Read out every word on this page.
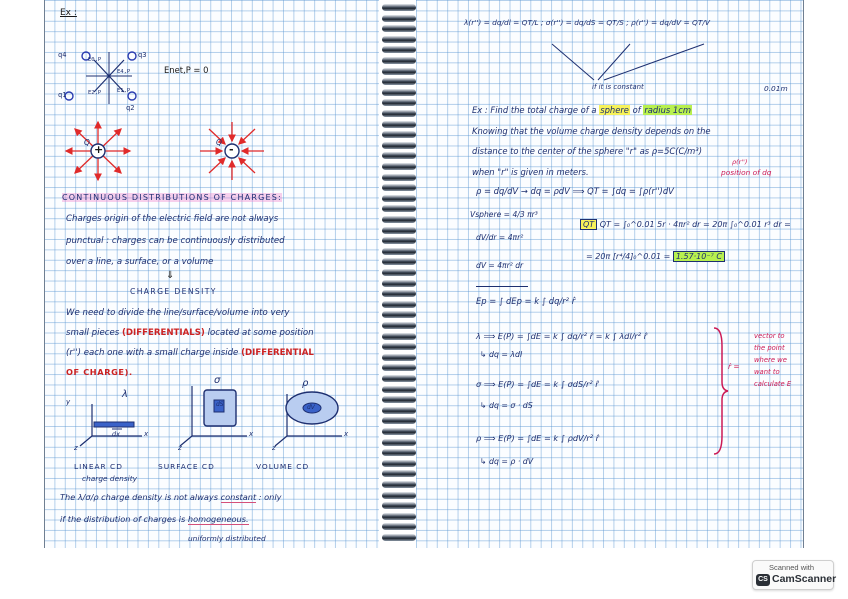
Ex :
q4	q3
q1
q2
E0,P
E4,P
E2,P	E1,P
Enet,P = 0
+
Q
-
Q
CONTINUOUS DISTRIBUTIONS OF CHARGES:
Charges origin of the electric field are not always
punctual : charges can be continuously distributed
over a line, a surface, or a volume
⇓
CHARGE DENSITY
We need to divide the line/surface/volume into very
small pieces (DIFFERENTIALS) located at some position
(r'') each one with a small charge inside (DIFFERENTIAL
OF CHARGE).
λ
σ	ρ
y
x
z
dx	x
z
dS
x
z
dV
LINEAR CD
charge density
SURFACE CD	VOLUME CD
The λ/σ/ρ charge density is not always constant : only
if the distribution of charges is homogeneous.
uniformly distributed
λ(r'') = dq/dl = QT/L ; σ(r'') = dq/dS = QT/S ; ρ(r'') = dq/dV = QT/V
if it is constant	0.01m
Ex : Find the total charge of a sphere of radius 1cm
Knowing that the volume charge density depends on the
distance to the center of the sphere "r" as ρ=5C(C/m³)
when "r" is given in meters.	position of dq
ρ(r'')
ρ = dq/dV → dq = ρdV ⟹ QT = ∫dq = ∫ρ(r'')dV
Vsphere = 4/3 πr³
dV/dr = 4πr²
dV = 4πr² dr
QT QT = ∫₀^0.01 5r · 4πr² dr = 20π ∫₀^0.01 r³ dr =
= 20π [r⁴/4]₀^0.01 = 1.57·10⁻⁷ C
Ep = ∫ dEp = k ∫ dq/r² r̂
λ ⟹ E(P) = ∫dE = k ∫ dq/r² r̂ = k ∫ λdl/r² r̂
↳ dq = λdl
σ ⟹ E(P) = ∫dE = k ∫ σdS/r² r̂
↳ dq = σ · dS
ρ ⟹ E(P) = ∫dE = k ∫ ρdV/r² r̂
↳ dq = ρ · dV
r̂ =
vector to
the point
where we
want to
calculate E
Scanned with
CS CamScanner
